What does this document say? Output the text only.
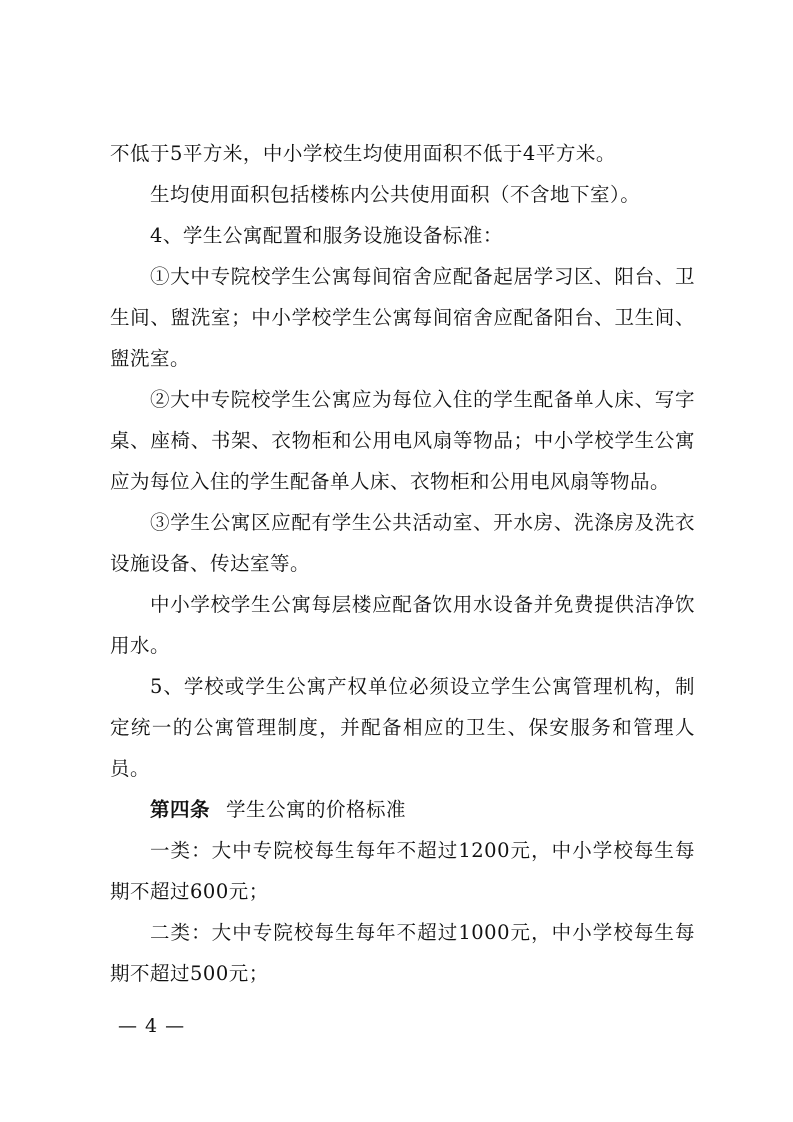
不低于5平方米，中小学校生均使用面积不低于4平方米。

生均使用面积包括楼栋内公共使用面积（不含地下室）。

4、学生公寓配置和服务设施设备标准：

①大中专院校学生公寓每间宿舍应配备起居学习区、阳台、卫生间、盥洗室；中小学校学生公寓每间宿舍应配备阳台、卫生间、盥洗室。

②大中专院校学生公寓应为每位入住的学生配备单人床、写字桌、座椅、书架、衣物柜和公用电风扇等物品；中小学校学生公寓应为每位入住的学生配备单人床、衣物柜和公用电风扇等物品。

③学生公寓区应配有学生公共活动室、开水房、洗涤房及洗衣设施设备、传达室等。

中小学校学生公寓每层楼应配备饮用水设备并免费提供洁净饮用水。

5、学校或学生公寓产权单位必须设立学生公寓管理机构，制定统一的公寓管理制度，并配备相应的卫生、保安服务和管理人员。

第四条 学生公寓的价格标准

一类：大中专院校每生每年不超过1200元，中小学校每生每期不超过600元；

二类：大中专院校每生每年不超过1000元，中小学校每生每期不超过500元；

— 4 —
